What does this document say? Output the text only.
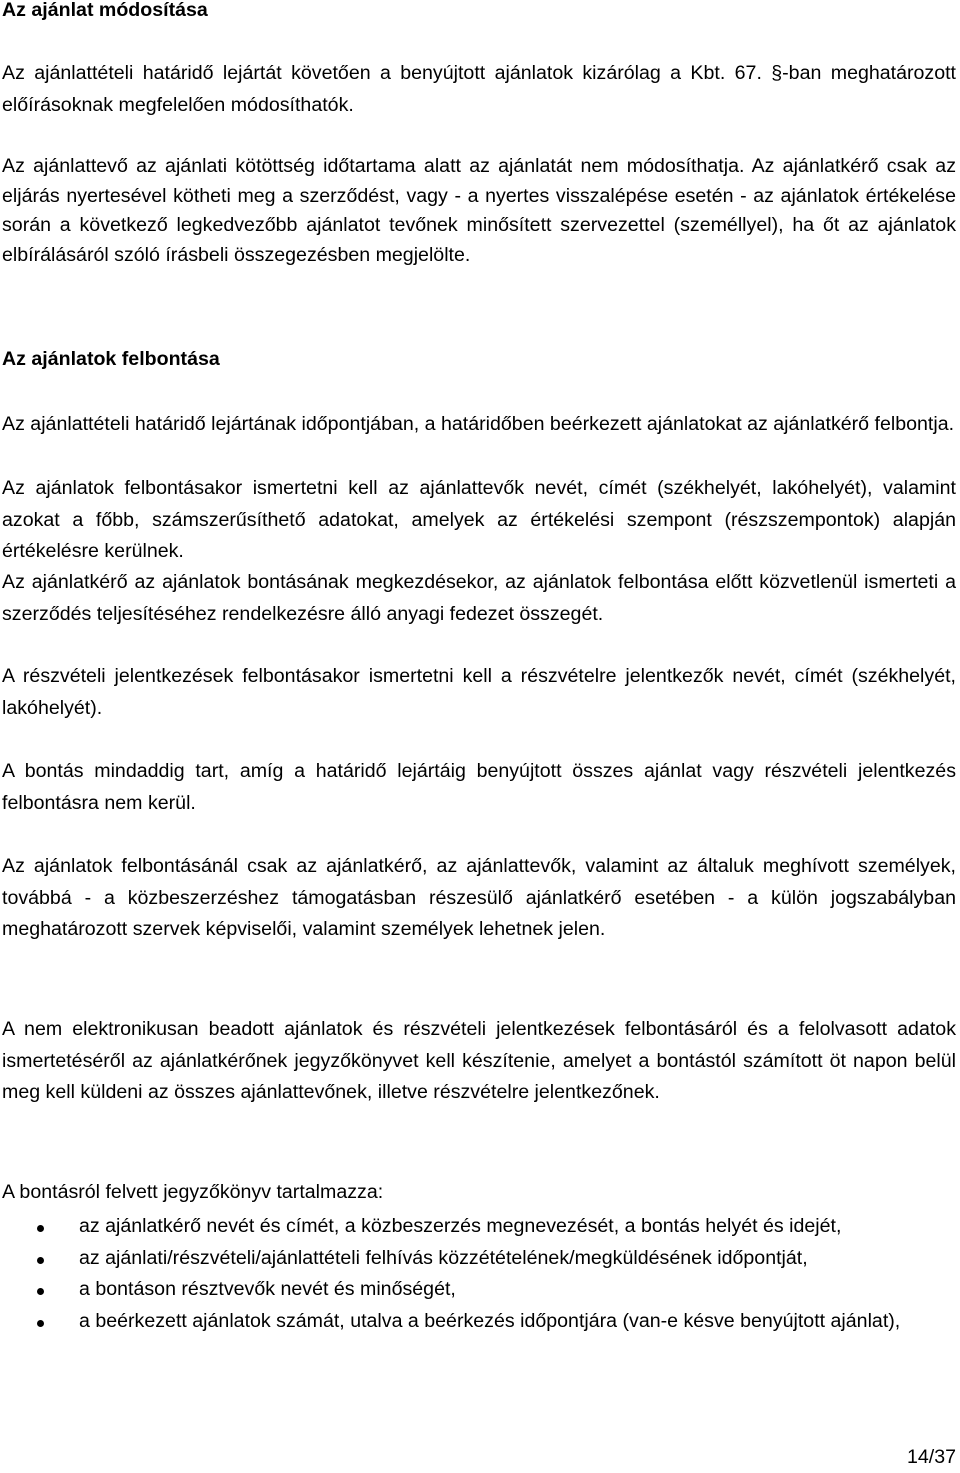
Az ajánlat módosítása

Az ajánlattételi határidő lejártát követően a benyújtott ajánlatok kizárólag a Kbt. 67. §-ban meghatározott előírásoknak megfelelően módosíthatók.

Az ajánlattevő az ajánlati kötöttség időtartama alatt az ajánlatát nem módosíthatja. Az ajánlatkérő csak az eljárás nyertesével kötheti meg a szerződést, vagy - a nyertes visszalépése esetén - az ajánlatok értékelése során a következő legkedvezőbb ajánlatot tevőnek minősített szervezettel (személlyel), ha őt az ajánlatok elbírálásáról szóló írásbeli összegezésben megjelölte.

Az ajánlatok felbontása

Az ajánlattételi határidő lejártának időpontjában, a határidőben beérkezett ajánlatokat az ajánlatkérő felbontja.

Az ajánlatok felbontásakor ismertetni kell az ajánlattevők nevét, címét (székhelyét, lakóhelyét), valamint azokat a főbb, számszerűsíthető adatokat, amelyek az értékelési szempont (részszempontok) alapján értékelésre kerülnek.

Az ajánlatkérő az ajánlatok bontásának megkezdésekor, az ajánlatok felbontása előtt közvetlenül ismerteti a szerződés teljesítéséhez rendelkezésre álló anyagi fedezet összegét.

A részvételi jelentkezések felbontásakor ismertetni kell a részvételre jelentkezők nevét, címét (székhelyét, lakóhelyét).

A bontás mindaddig tart, amíg a határidő lejártáig benyújtott összes ajánlat vagy részvételi jelentkezés felbontásra nem kerül.

Az ajánlatok felbontásánál csak az ajánlatkérő, az ajánlattevők, valamint az általuk meghívott személyek, továbbá - a közbeszerzéshez támogatásban részesülő ajánlatkérő esetében - a külön jogszabályban meghatározott szervek képviselői, valamint személyek lehetnek jelen.

A nem elektronikusan beadott ajánlatok és részvételi jelentkezések felbontásáról és a felolvasott adatok ismertetéséről az ajánlatkérőnek jegyzőkönyvet kell készítenie, amelyet a bontástól számított öt napon belül meg kell küldeni az összes ajánlattevőnek, illetve részvételre jelentkezőnek.

A bontásról felvett jegyzőkönyv tartalmazza:

az ajánlatkérő nevét és címét, a közbeszerzés megnevezését, a bontás helyét és idejét,
az ajánlati/részvételi/ajánlattételi felhívás közzétételének/megküldésének időpontját,
a bontáson résztvevők nevét és minőségét,
a beérkezett ajánlatok számát, utalva a beérkezés időpontjára (van-e késve benyújtott ajánlat),
14/37
